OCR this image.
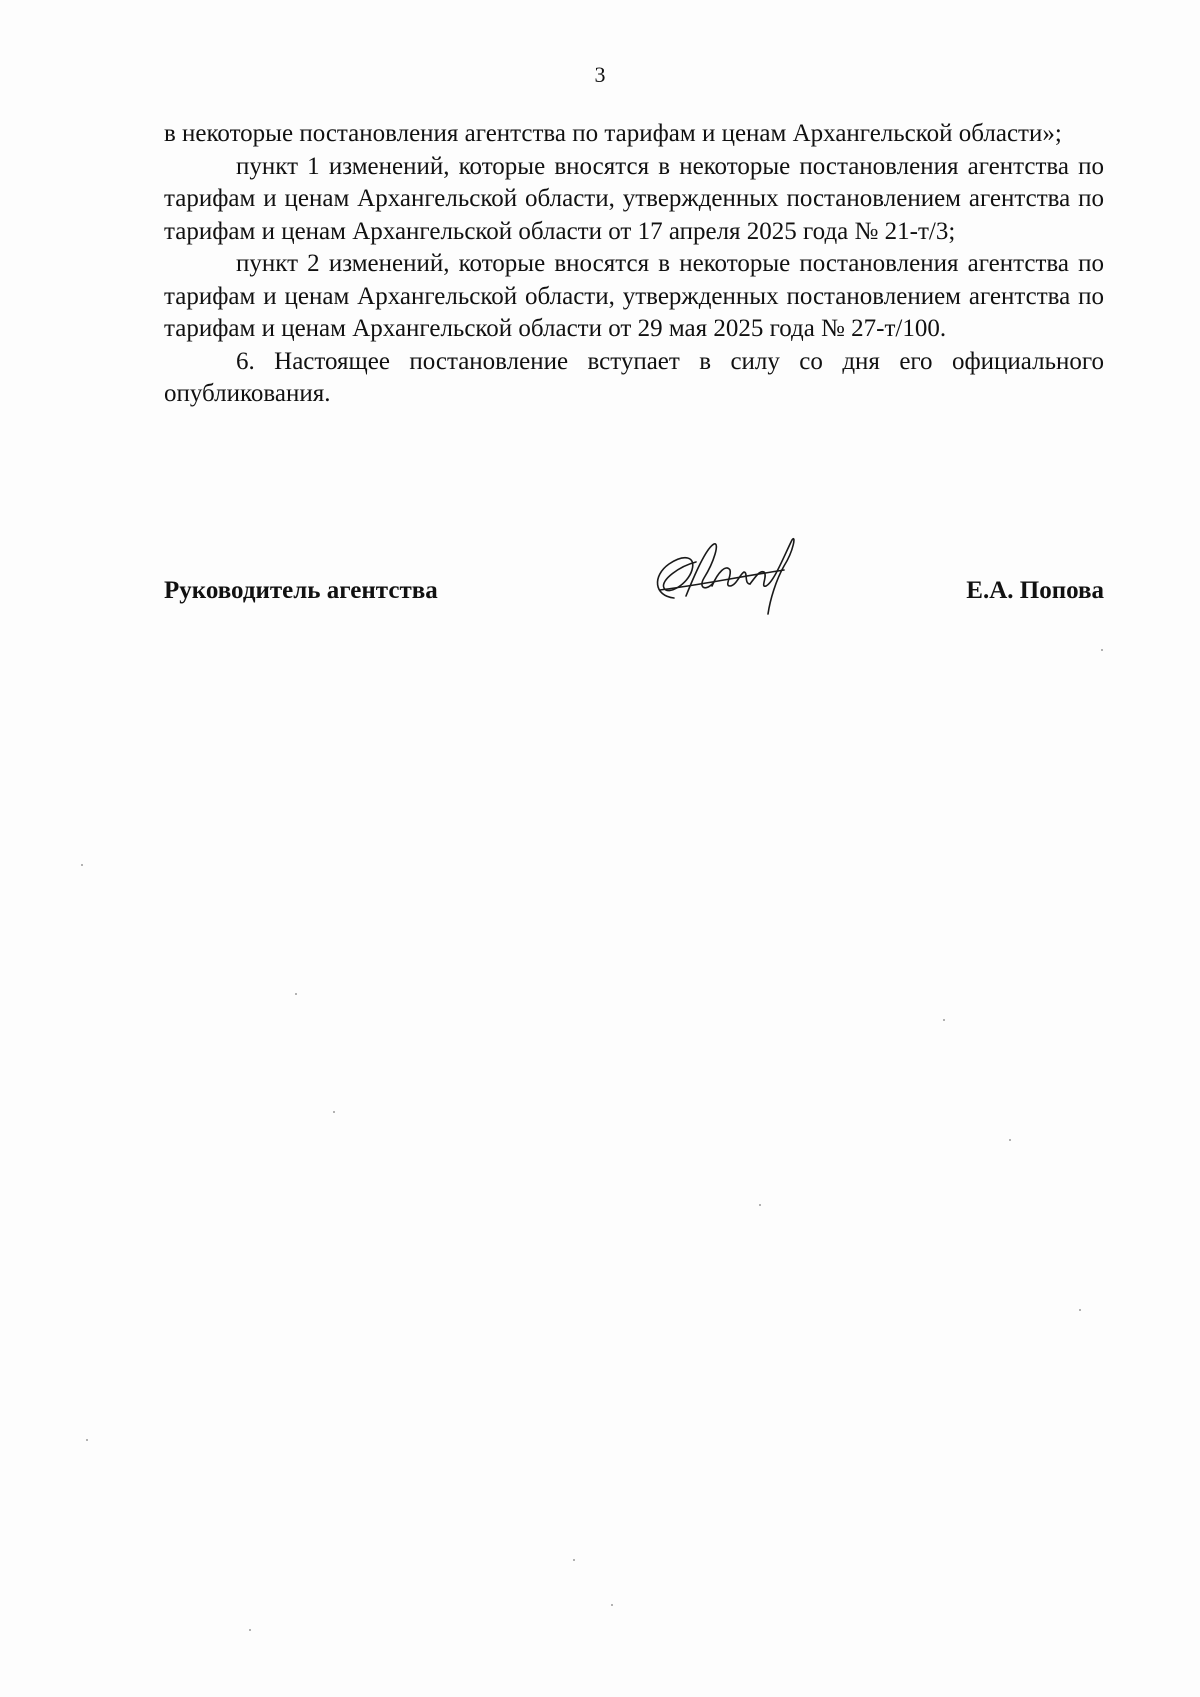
3

в некоторые постановления агентства по тарифам и ценам Архангельской области»;

пункт 1 изменений, которые вносятся в некоторые постановления агентства по тарифам и ценам Архангельской области, утвержденных постановлением агентства по тарифам и ценам Архангельской области от 17 апреля 2025 года № 21-т/3;

пункт 2 изменений, которые вносятся в некоторые постановления агентства по тарифам и ценам Архангельской области, утвержденных постановлением агентства по тарифам и ценам Архангельской области от 29 мая 2025 года № 27-т/100.

6. Настоящее постановление вступает в силу со дня его официального опубликования.

Руководитель агентства	Е.А. Попова
